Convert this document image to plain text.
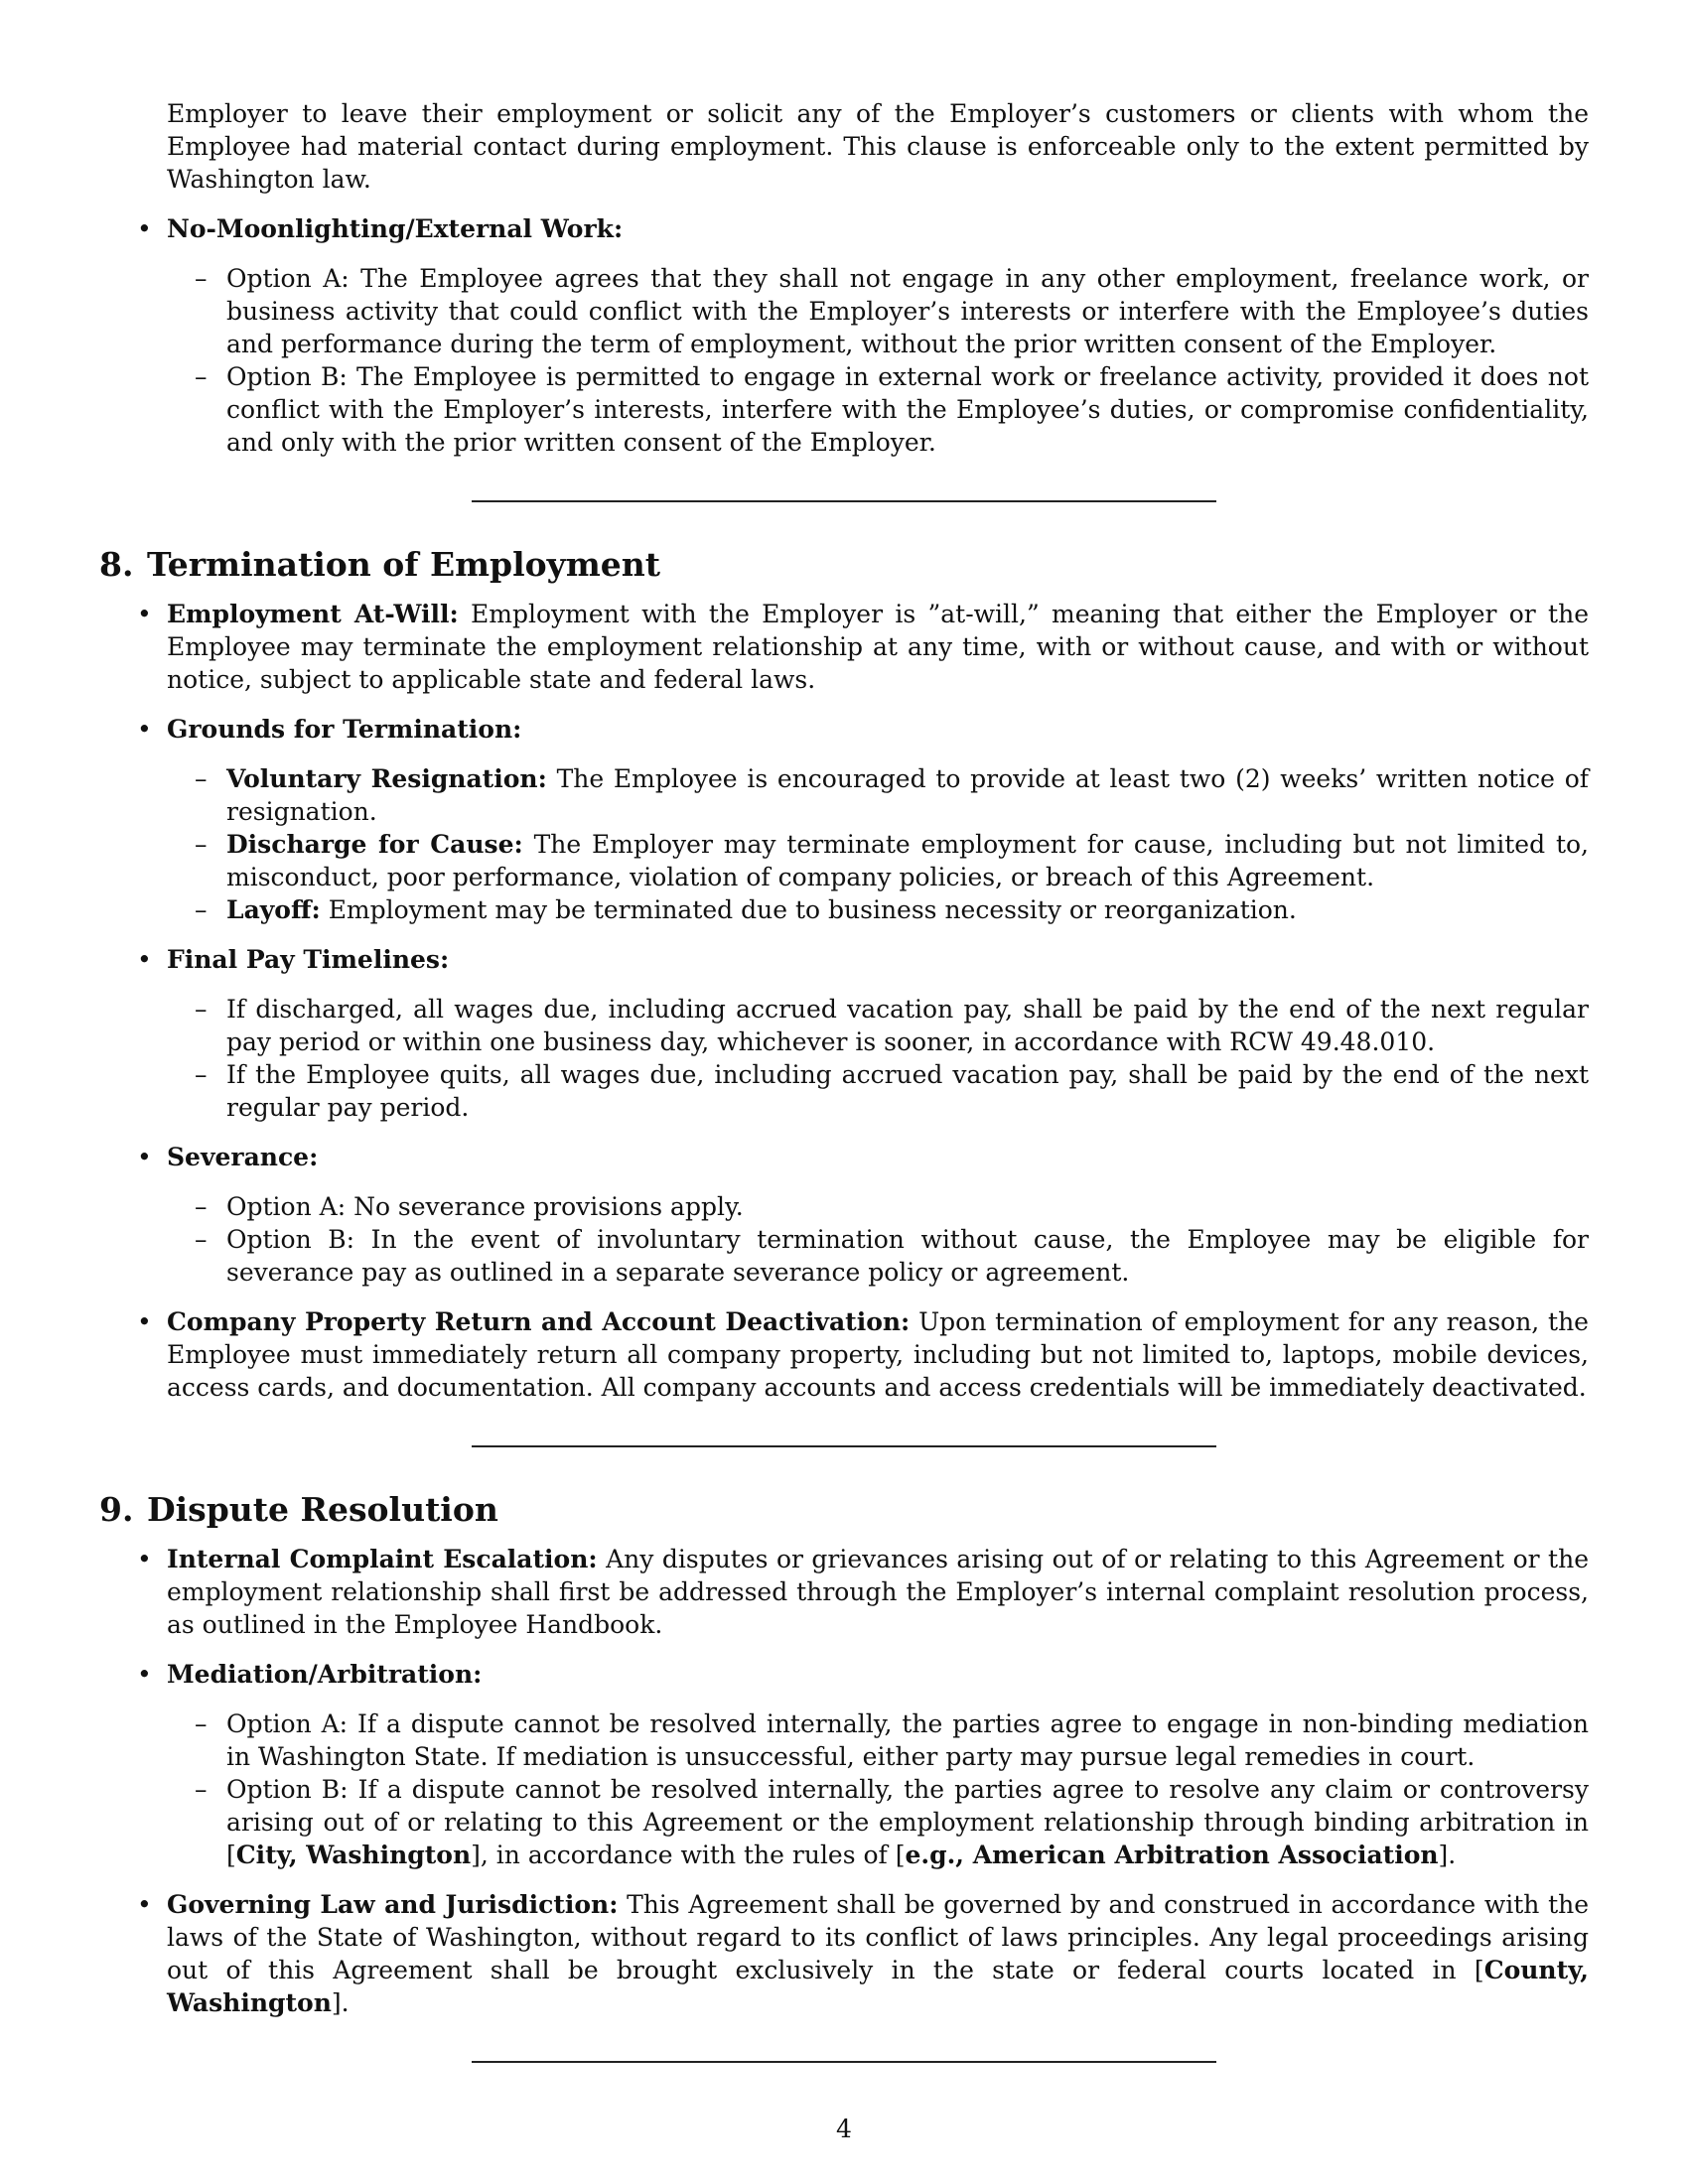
Employer to leave their employment or solicit any of the Employer’s customers or clients with whom the Employee had material contact during employment. This clause is enforceable only to the extent permitted by Washington law.

• No-Moonlighting/External Work:
– Option A: The Employee agrees that they shall not engage in any other employment, freelance work, or business activity that could conflict with the Employer’s interests or interfere with the Employee’s duties and performance during the term of employment, without the prior written consent of the Employer.
– Option B: The Employee is permitted to engage in external work or freelance activity, provided it does not conflict with the Employer’s interests, interfere with the Employee’s duties, or compromise confidentiality, and only with the prior written consent of the Employer.
8. Termination of Employment
• Employment At-Will: Employment with the Employer is ”at-will,” meaning that either the Employer or the Employee may terminate the employment relationship at any time, with or without cause, and with or without notice, subject to applicable state and federal laws.
• Grounds for Termination:
– Voluntary Resignation: The Employee is encouraged to provide at least two (2) weeks’ written notice of resignation.
– Discharge for Cause: The Employer may terminate employment for cause, including but not limited to, misconduct, poor performance, violation of company policies, or breach of this Agreement.
– Layoff: Employment may be terminated due to business necessity or reorganization.
• Final Pay Timelines:
– If discharged, all wages due, including accrued vacation pay, shall be paid by the end of the next regular pay period or within one business day, whichever is sooner, in accordance with RCW 49.48.010.
– If the Employee quits, all wages due, including accrued vacation pay, shall be paid by the end of the next regular pay period.
• Severance:
– Option A: No severance provisions apply.
– Option B: In the event of involuntary termination without cause, the Employee may be eligible for severance pay as outlined in a separate severance policy or agreement.
• Company Property Return and Account Deactivation: Upon termination of employment for any reason, the Employee must immediately return all company property, including but not limited to, laptops, mobile devices, access cards, and documentation. All company accounts and access credentials will be immediately deactivated.
9. Dispute Resolution
• Internal Complaint Escalation: Any disputes or grievances arising out of or relating to this Agreement or the employment relationship shall first be addressed through the Employer’s internal complaint resolution process, as outlined in the Employee Handbook.
• Mediation/Arbitration:
– Option A: If a dispute cannot be resolved internally, the parties agree to engage in non-binding mediation in Washington State. If mediation is unsuccessful, either party may pursue legal remedies in court.
– Option B: If a dispute cannot be resolved internally, the parties agree to resolve any claim or controversy arising out of or relating to this Agreement or the employment relationship through binding arbitration in [City, Washington], in accordance with the rules of [e.g., American Arbitration Association].
• Governing Law and Jurisdiction: This Agreement shall be governed by and construed in accordance with the laws of the State of Washington, without regard to its conflict of laws principles. Any legal proceedings arising out of this Agreement shall be brought exclusively in the state or federal courts located in [County, Washington].
4
